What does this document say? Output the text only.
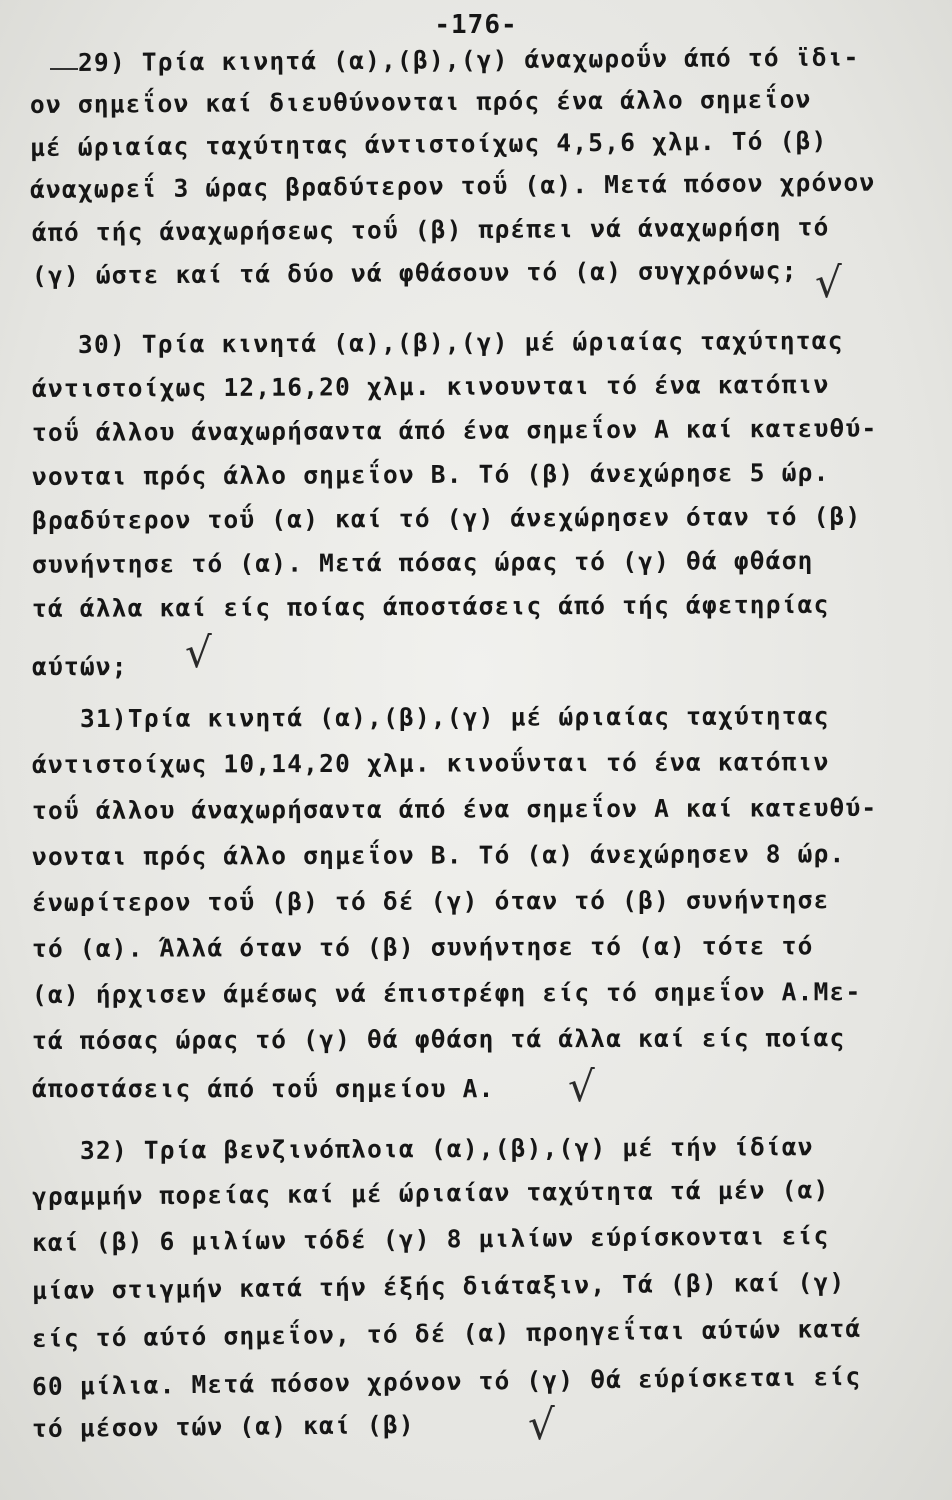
-176-
29) Τρία κινητά (α),(β),(γ) άναχωροΰν άπό τό ϊδι-
ον σημεΐον καί διευθύνονται πρός ένα άλλο σημεΐον
μέ ώριαίας ταχύτητας άντιστοίχως 4,5,6 χλμ. Τό (β)
άναχωρεΐ 3 ώρας βραδύτερον τοΰ (α). Μετά πόσον χρόνον
άπό τής άναχωρήσεως τοΰ (β) πρέπει νά άναχωρήση τό
(γ) ώστε καί τά δύο νά φθάσουν τό (α) συγχρόνως; √
30) Τρία κινητά (α),(β),(γ) μέ ώριαίας ταχύτητας
άντιστοίχως 12,16,20 χλμ. κινουνται τό ένα κατόπιν
τοΰ άλλου άναχωρήσαντα άπό ένα σημεΐον Α καί κατευθύ-
νονται πρός άλλο σημεΐον Β. Τό (β) άνεχώρησε 5 ώρ.
βραδύτερον τοΰ (α) καί τό (γ) άνεχώρησεν όταν τό (β)
συνήντησε τό (α). Μετά πόσας ώρας τό (γ) θά φθάση
τά άλλα καί είς ποίας άποστάσεις άπό τής άφετηρίας
αύτών; √
31)Τρία κινητά (α),(β),(γ) μέ ώριαίας ταχύτητας
άντιστοίχως 10,14,20 χλμ. κινοΰνται τό ένα κατόπιν
τοΰ άλλου άναχωρήσαντα άπό ένα σημεΐον Α καί κατευθύ-
νονται πρός άλλο σημεΐον Β. Τό (α) άνεχώρησεν 8 ώρ.
ένωρίτερον τοΰ (β) τό δέ (γ) όταν τό (β) συνήντησε
τό (α). Άλλά όταν τό (β) συνήντησε τό (α) τότε τό
(α) ήρχισεν άμέσως νά έπιστρέφη είς τό σημεΐον Α.Με-
τά πόσας ώρας τό (γ) θά φθάση τά άλλα καί είς ποίας
άποστάσεις άπό τοΰ σημείου Α. √
32) Τρία βενζινόπλοια (α),(β),(γ) μέ τήν ίδίαν
γραμμήν πορείας καί μέ ώριαίαν ταχύτητα τά μέν (α)
καί (β) 6 μιλίων τόδέ (γ) 8 μιλίων εύρίσκονται είς
μίαν στιγμήν κατά τήν έξής διάταξιν, Τά (β) καί (γ)
είς τό αύτό σημεΐον, τό δέ (α) προηγεΐται αύτών κατά
60 μίλια. Μετά πόσον χρόνον τό (γ) θά εύρίσκεται είς
τό μέσον τών (α) καί (β)	√
